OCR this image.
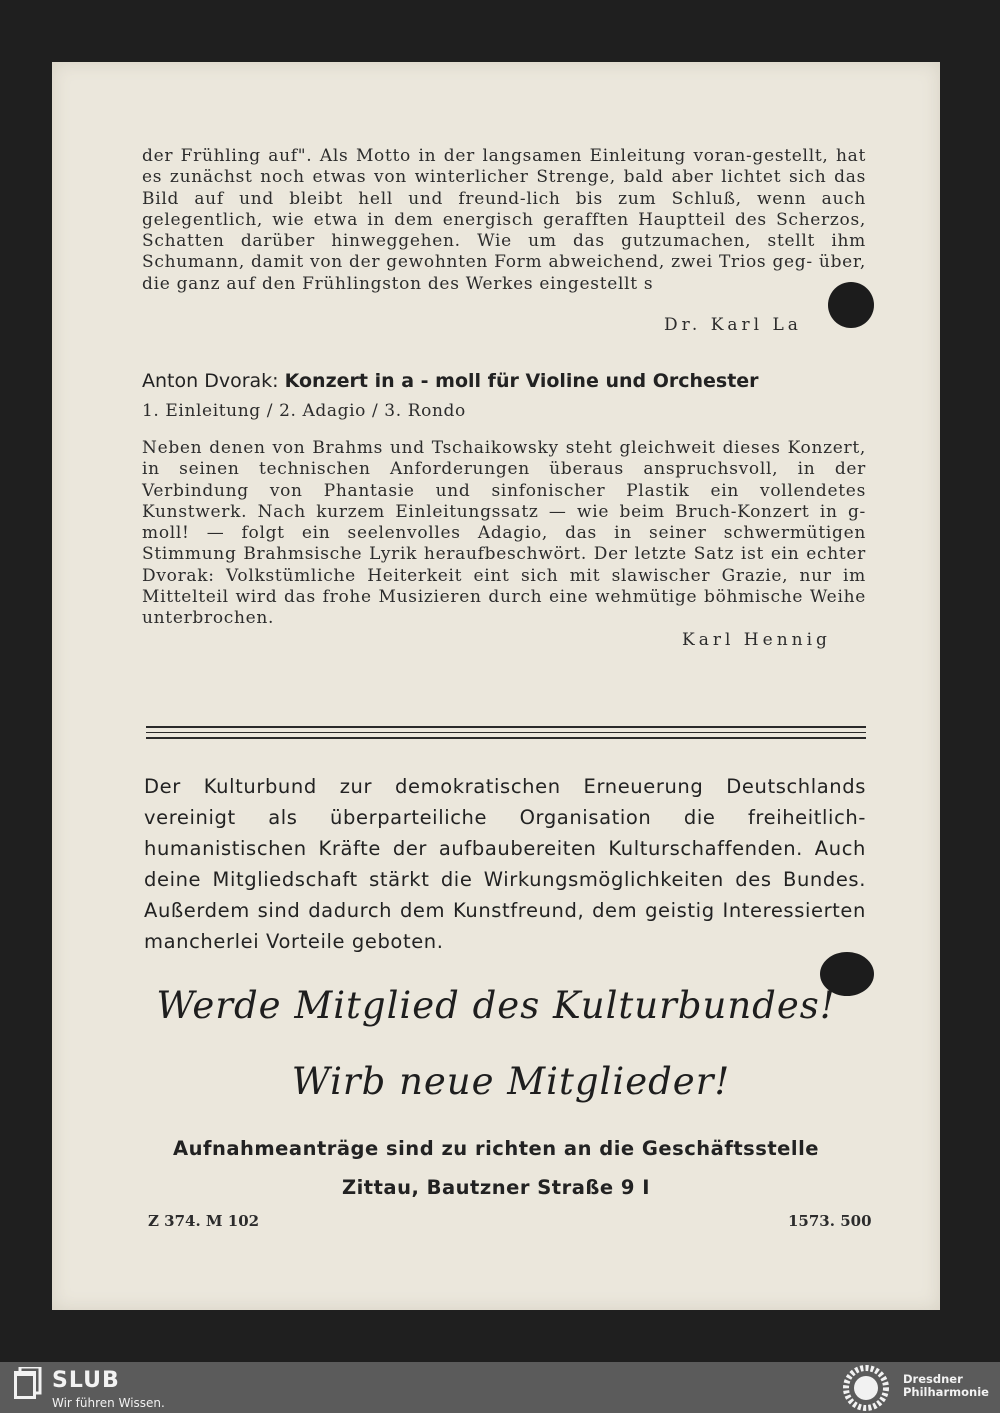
der Frühling auf". Als Motto in der langsamen Einleitung voran-gestellt, hat es zunächst noch etwas von winterlicher Strenge, bald aber lichtet sich das Bild auf und bleibt hell und freund-lich bis zum Schluß, wenn auch gelegentlich, wie etwa in dem energisch gerafften Hauptteil des Scherzos, Schatten darüber hinweggehen. Wie um das gutzumachen, stellt ihm Schumann, damit von der gewohnten Form abweichend, zwei Trios geg- über, die ganz auf den Frühlingston des Werkes eingestellt s

Dr. Karl La
Anton Dvorak: Konzert in a - moll für Violine und Orchester
1. Einleitung / 2. Adagio / 3. Rondo

Neben denen von Brahms und Tschaikowsky steht gleichweit dieses Konzert, in seinen technischen Anforderungen überaus anspruchsvoll, in der Verbindung von Phantasie und sinfonischer Plastik ein vollendetes Kunstwerk. Nach kurzem Einleitungssatz — wie beim Bruch-Konzert in g-moll! — folgt ein seelenvolles Adagio, das in seiner schwermütigen Stimmung Brahmsische Lyrik heraufbeschwört. Der letzte Satz ist ein echter Dvorak: Volkstümliche Heiterkeit eint sich mit slawischer Grazie, nur im Mittelteil wird das frohe Musizieren durch eine wehmütige böhmische Weihe unterbrochen.

Karl Hennig

Der Kulturbund zur demokratischen Erneuerung Deutschlands vereinigt als überparteiliche Organisation die freiheitlich-humanistischen Kräfte der aufbaubereiten Kulturschaffenden. Auch deine Mitgliedschaft stärkt die Wirkungsmöglichkeiten des Bundes. Außerdem sind dadurch dem Kunstfreund, dem geistig Interessierten mancherlei Vorteile geboten.

Werde Mitglied des Kulturbundes!
Wirb neue Mitglieder!
Aufnahmeanträge sind zu richten an die Geschäftsstelle
Zittau, Bautzner Straße 9 I
Z 374. M 102	1573. 500
SLUB
Wir führen Wissen.
Dresdner
Philharmonie
